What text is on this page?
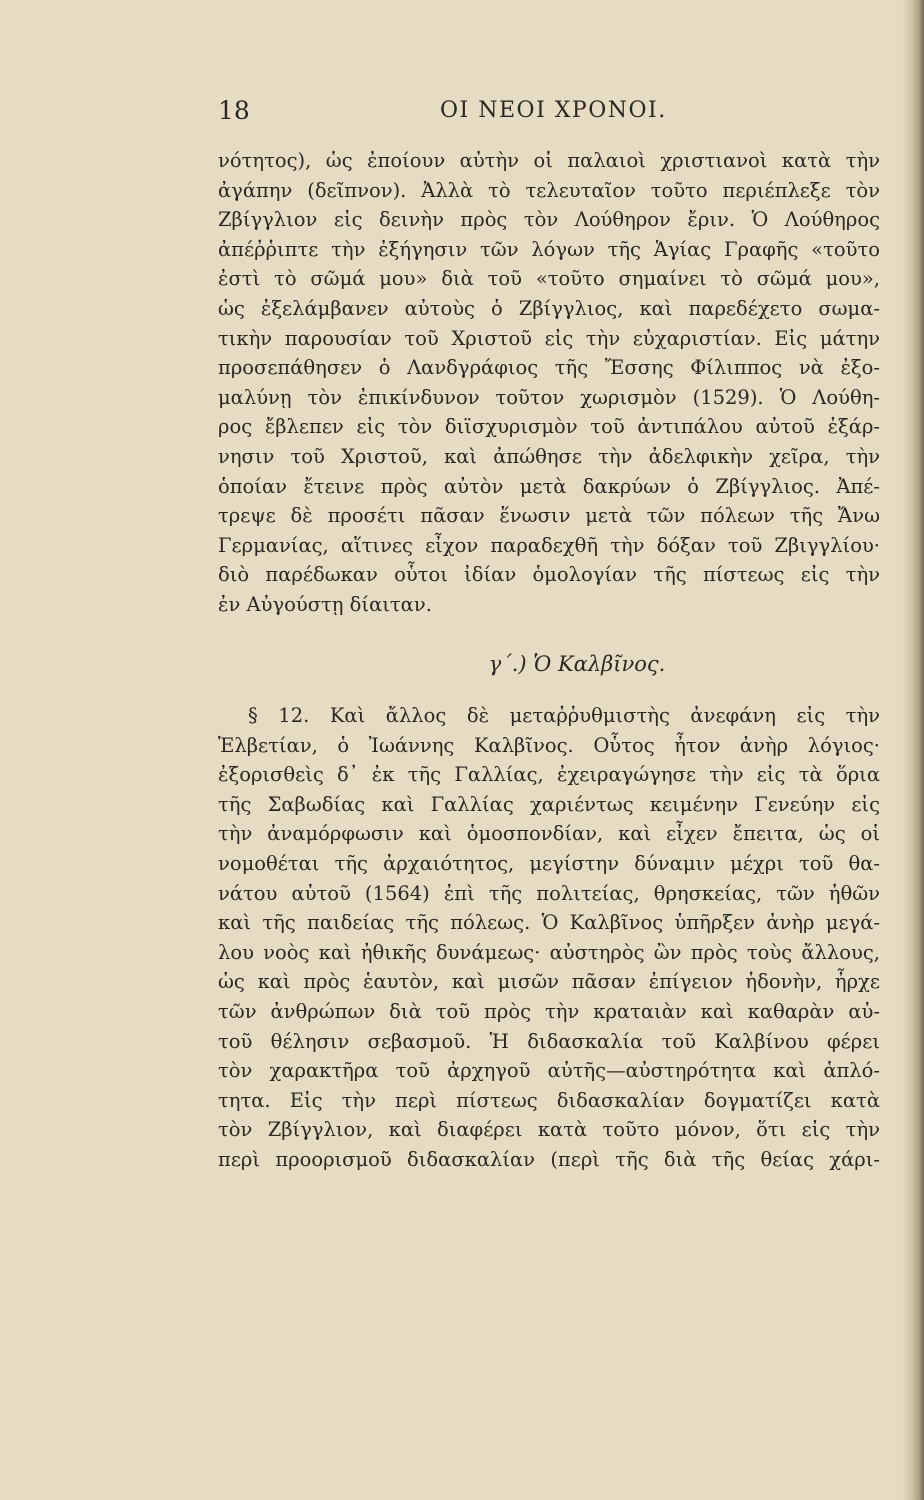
18	ΟΙ ΝΕΟΙ ΧΡΟΝΟΙ.
νότητος), ὡς ἐποίουν αὐτὴν οἱ παλαιοὶ χριστιανοὶ κατὰ τὴν
ἀγάπην (δεῖπνον). Ἀλλὰ τὸ τελευταῖον τοῦτο περιέπλεξε τὸν
Ζβίγγλιον εἰς δεινὴν πρὸς τὸν Λούθηρον ἔριν. Ὁ Λούθηρος
ἀπέῤῥιπτε τὴν ἐξήγησιν τῶν λόγων τῆς Ἁγίας Γραφῆς «τοῦτο
ἐστὶ τὸ σῶμά μου» διὰ τοῦ «τοῦτο σημαίνει τὸ σῶμά μου»,
ὡς ἐξελάμβανεν αὐτοὺς ὁ Ζβίγγλιος, καὶ παρεδέχετο σωμα-
τικὴν παρουσίαν τοῦ Χριστοῦ εἰς τὴν εὐχαριστίαν. Εἰς μάτην
προσεπάθησεν ὁ Λανδγράφιος τῆς Ἔσσης Φίλιππος νὰ ἐξο-
μαλύνῃ τὸν ἐπικίνδυνον τοῦτον χωρισμὸν (1529). Ὁ Λούθη-
ρος ἔβλεπεν εἰς τὸν διϊσχυρισμὸν τοῦ ἀντιπάλου αὐτοῦ ἐξάρ-
νησιν τοῦ Χριστοῦ, καὶ ἀπώθησε τὴν ἀδελφικὴν χεῖρα, τὴν
ὁποίαν ἔτεινε πρὸς αὐτὸν μετὰ δακρύων ὁ Ζβίγγλιος. Ἀπέ-
τρεψε δὲ προσέτι πᾶσαν ἕνωσιν μετὰ τῶν πόλεων τῆς Ἄνω
Γερμανίας, αἵτινες εἶχον παραδεχθῆ τὴν δόξαν τοῦ Ζβιγγλίου·
διὸ παρέδωκαν οὗτοι ἰδίαν ὁμολογίαν τῆς πίστεως εἰς τὴν
ἐν Αὐγούστῃ δίαιταν.
γ΄.) Ὁ Καλβῖνος.
§ 12. Καὶ ἄλλος δὲ μεταῤῥυθμιστὴς ἀνεφάνη εἰς τὴν
Ἑλβετίαν, ὁ Ἰωάννης Καλβῖνος. Οὗτος ἦτον ἀνὴρ λόγιος·
ἐξορισθεὶς δ᾿ ἐκ τῆς Γαλλίας, ἐχειραγώγησε τὴν εἰς τὰ ὅρια
τῆς Σαβωδίας καὶ Γαλλίας χαριέντως κειμένην Γενεύην εἰς
τὴν ἀναμόρφωσιν καὶ ὁμοσπονδίαν, καὶ εἶχεν ἔπειτα, ὡς οἱ
νομοθέται τῆς ἀρχαιότητος, μεγίστην δύναμιν μέχρι τοῦ θα-
νάτου αὐτοῦ (1564) ἐπὶ τῆς πολιτείας, θρησκείας, τῶν ἠθῶν
καὶ τῆς παιδείας τῆς πόλεως. Ὁ Καλβῖνος ὑπῆρξεν ἀνὴρ μεγά-
λου νοὸς καὶ ἠθικῆς δυνάμεως· αὐστηρὸς ὢν πρὸς τοὺς ἄλλους,
ὡς καὶ πρὸς ἑαυτὸν, καὶ μισῶν πᾶσαν ἐπίγειον ἡδονὴν, ἦρχε
τῶν ἀνθρώπων διὰ τοῦ πρὸς τὴν κραταιὰν καὶ καθαρὰν αὐ-
τοῦ θέλησιν σεβασμοῦ. Ἡ διδασκαλία τοῦ Καλβίνου φέρει
τὸν χαρακτῆρα τοῦ ἀρχηγοῦ αὐτῆς—αὐστηρότητα καὶ ἁπλό-
τητα. Εἰς τὴν περὶ πίστεως διδασκαλίαν δογματίζει κατὰ
τὸν Ζβίγγλιον, καὶ διαφέρει κατὰ τοῦτο μόνον, ὅτι εἰς τὴν
περὶ προορισμοῦ διδασκαλίαν (περὶ τῆς διὰ τῆς θείας χάρι-
